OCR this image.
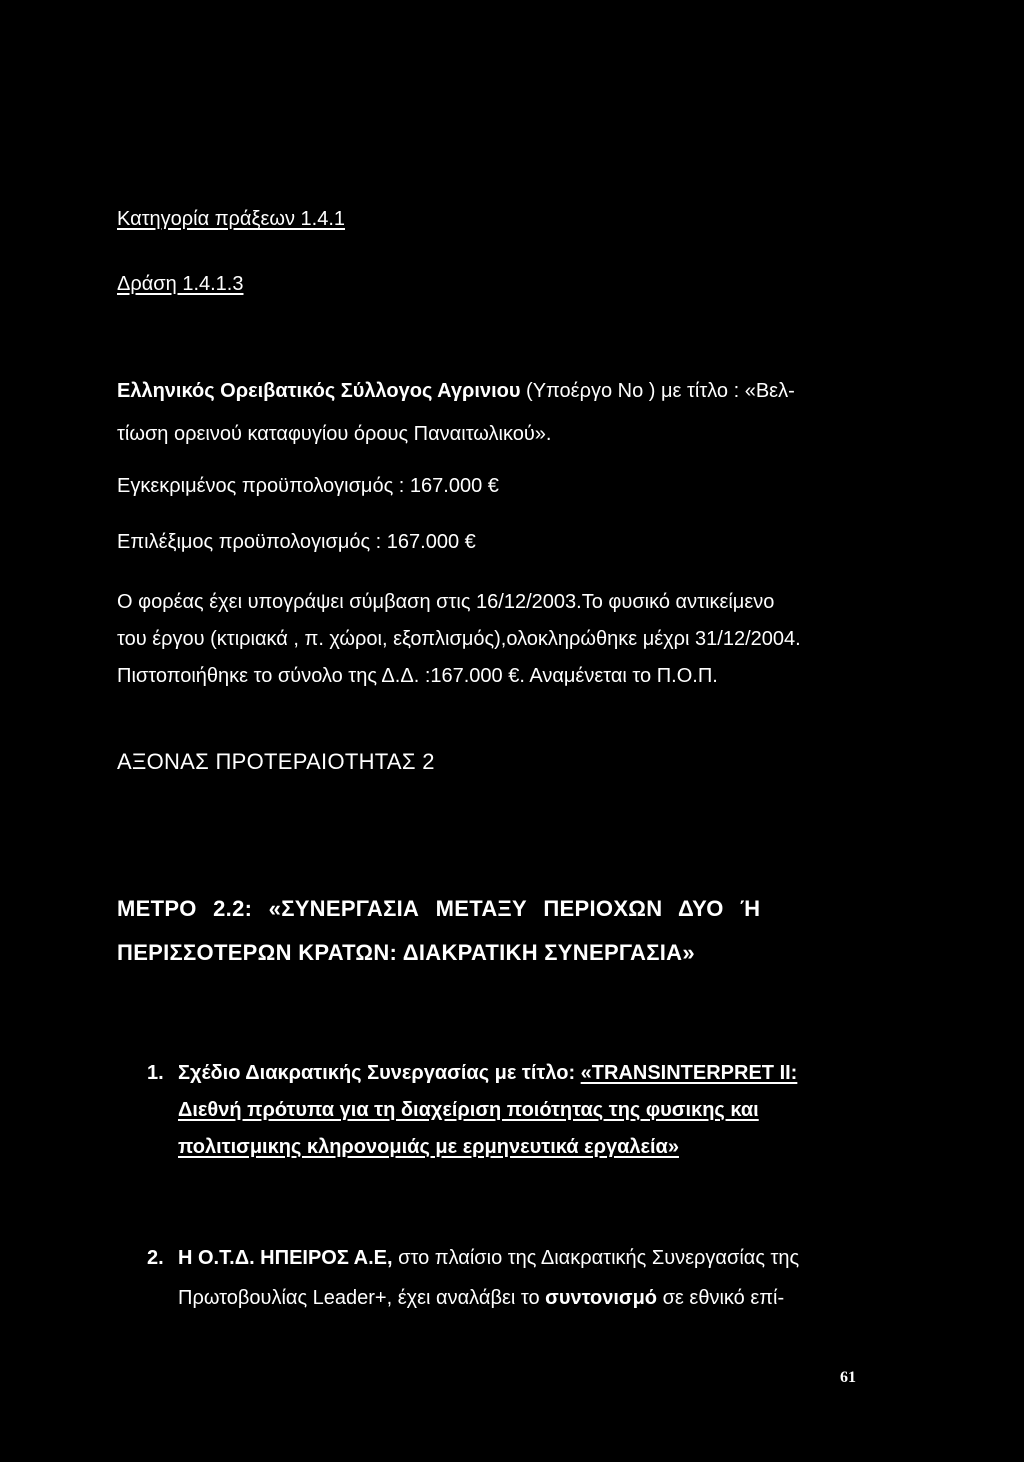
Κατηγορία πράξεων 1.4.1
Δράση 1.4.1.3
Ελληνικός Ορειβατικός Σύλλογος Αγρινιου (Υποέργο Νο ) με τίτλο : «Βελ-
τίωση ορεινού καταφυγίου όρους Παναιτωλικού».
Εγκεκριμένος προϋπολογισμός : 167.000 €
Επιλέξιμος προϋπολογισμός : 167.000 €
Ο φορέας έχει υπογράψει σύμβαση στις 16/12/2003.Το φυσικό αντικείμενο
του έργου (κτιριακά , π. χώροι, εξοπλισμός),ολοκληρώθηκε μέχρι 31/12/2004.
Πιστοποιήθηκε το σύνολο της Δ.Δ. :167.000 €. Αναμένεται το Π.Ο.Π.
ΑΞΟΝΑΣ ΠΡΟΤΕΡΑΙΟΤΗΤΑΣ 2
ΜΕΤΡΟ 2.2: «ΣΥΝΕΡΓΑΣΙΑ ΜΕΤΑΞΥ ΠΕΡΙΟΧΩΝ ΔΥΟ Ή
ΠΕΡΙΣΣΟΤΕΡΩΝ ΚΡΑΤΩΝ: ΔΙΑΚΡΑΤΙΚΗ ΣΥΝΕΡΓΑΣΙΑ»
1. Σχέδιο Διακρατικής Συνεργασίας με τίτλο: «TRANSINTERPRET II:
Διεθνή πρότυπα για τη διαχείριση ποιότητας της φυσικης και
πολιτισμικης κληρονομιάς με ερμηνευτικά εργαλεία»
2. Η Ο.Τ.Δ. ΗΠΕΙΡΟΣ Α.Ε, στο πλαίσιο της Διακρατικής Συνεργασίας της
Πρωτοβουλίας Leader+, έχει αναλάβει το συντονισμό σε εθνικό επί-
61
